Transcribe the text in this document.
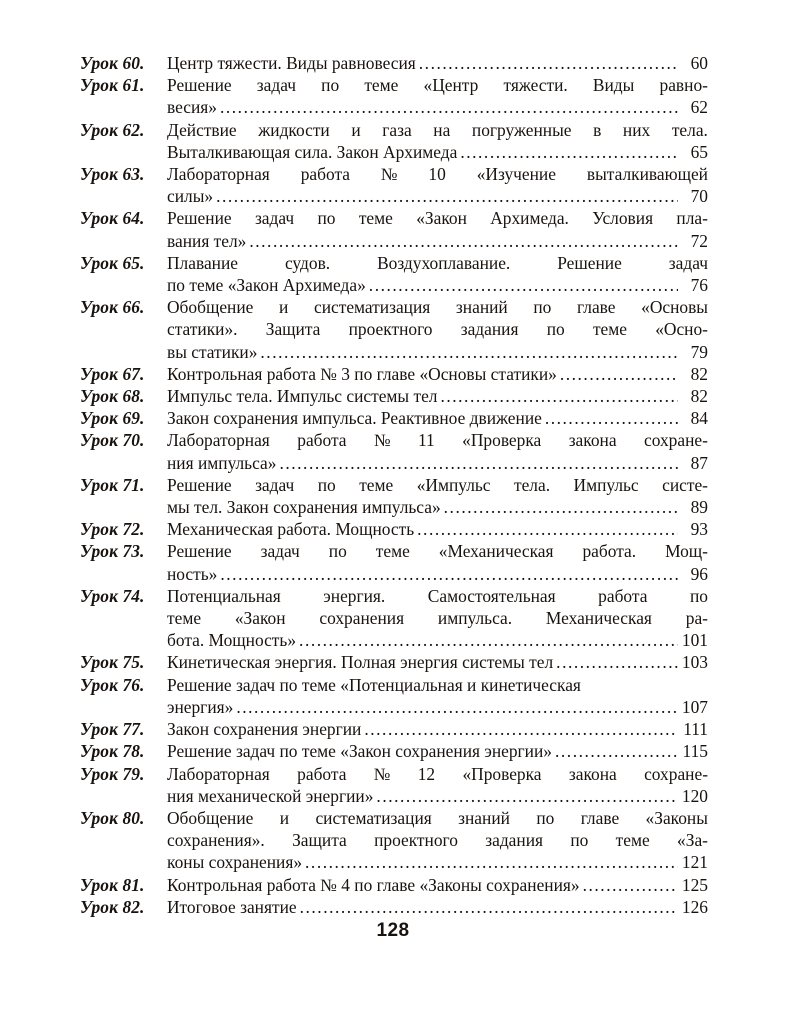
Урок 60.	Центр тяжести. Виды равновесия .....	60
Урок 61.	Решение задач по теме «Центр тяжести. Виды равно-
весия» .....	62
Урок 62.	Действие жидкости и газа на погруженные в них тела.
Выталкивающая сила. Закон Архимеда .....	65
Урок 63.	Лабораторная работа № 10 «Изучение выталкивающей
силы» .....	70
Урок 64.	Решение задач по теме «Закон Архимеда. Условия пла-
вания тел» .....	72
Урок 65.	Плавание	судов.	Воздухоплавание.	Решение	задач
по теме «Закон Архимеда» .....	76
Урок 66.	Обобщение и систематизация знаний по главе «Основы
статики». Защита проектного задания по теме «Осно-
вы статики» .....	79
Урок 67.	Контрольная работа № 3 по главе «Основы статики» .....	82
Урок 68.	Импульс тела. Импульс системы тел .....	82
Урок 69.	Закон сохранения импульса. Реактивное движение .....	84
Урок 70.	Лабораторная работа № 11 «Проверка закона сохране-
ния импульса» .....	87
Урок 71.	Решение задач по теме «Импульс тела. Импульс систе-
мы тел. Закон сохранения импульса» .....	89
Урок 72.	Механическая работа. Мощность .....	93
Урок 73.	Решение задач по теме «Механическая работа. Мощ-
ность» .....	96
Урок 74.	Потенциальная энергия. Самостоятельная работа по
теме «Закон сохранения импульса. Механическая ра-
бота. Мощность» .....	101
Урок 75.	Кинетическая энергия. Полная энергия системы тел .....	103
Урок 76.	Решение задач по теме «Потенциальная и кинетическая
энергия» .....	107
Урок 77.	Закон сохранения энергии .....	111
Урок 78.	Решение задач по теме «Закон сохранения энергии» .....	115
Урок 79.	Лабораторная работа № 12 «Проверка закона сохране-
ния механической энергии» .....	120
Урок 80.	Обобщение и систематизация знаний по главе «Законы
сохранения». Защита проектного задания по теме «За-
коны сохранения» .....	121
Урок 81.	Контрольная работа № 4 по главе «Законы сохранения» .....	125
Урок 82.	Итоговое занятие .....	126
128
